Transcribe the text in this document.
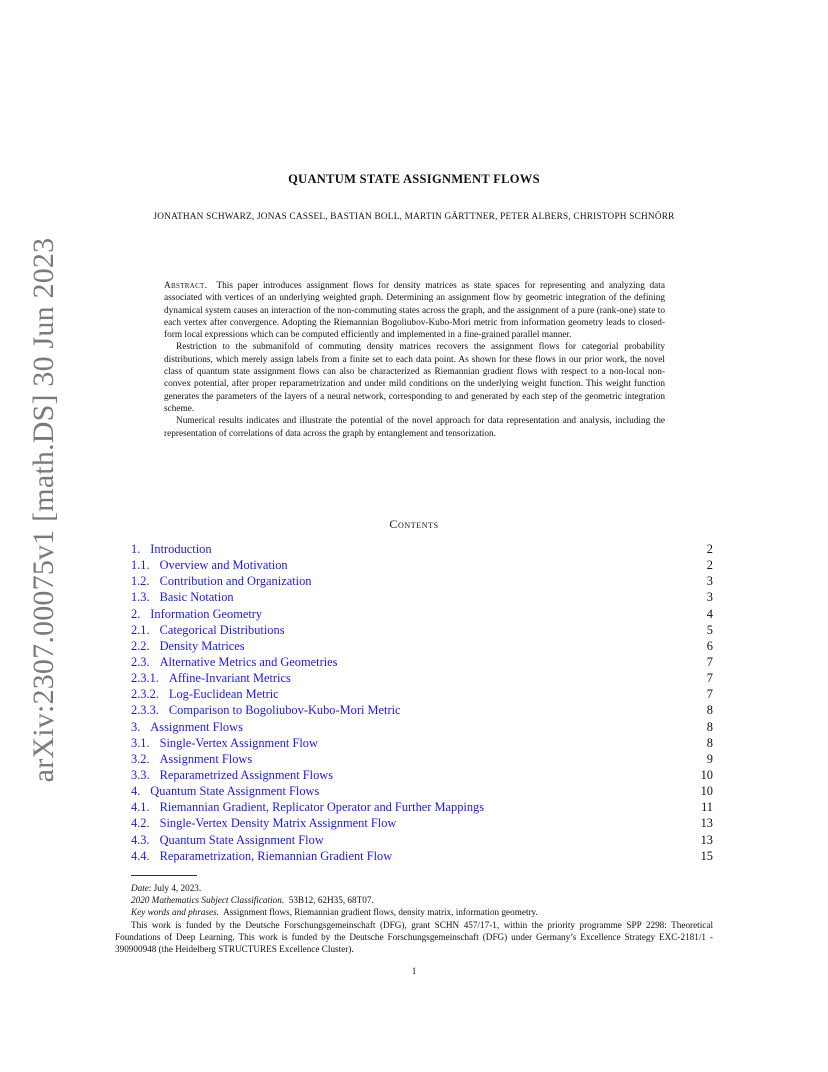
arXiv:2307.00075v1 [math.DS] 30 Jun 2023
QUANTUM STATE ASSIGNMENT FLOWS
JONATHAN SCHWARZ, JONAS CASSEL, BASTIAN BOLL, MARTIN GÄRTTNER, PETER ALBERS, CHRISTOPH SCHNÖRR

Abstract. This paper introduces assignment flows for density matrices as state spaces for representing and analyzing data associated with vertices of an underlying weighted graph. Determining an assignment flow by geometric integration of the defining dynamical system causes an interaction of the non-commuting states across the graph, and the assignment of a pure (rank-one) state to each vertex after convergence. Adopting the Riemannian Bogoliubov-Kubo-Mori metric from information geometry leads to closed-form local expressions which can be computed efficiently and implemented in a fine-grained parallel manner.

Restriction to the submanifold of commuting density matrices recovers the assignment flows for categorial probability distributions, which merely assign labels from a finite set to each data point. As shown for these flows in our prior work, the novel class of quantum state assignment flows can also be characterized as Riemannian gradient flows with respect to a non-local non-convex potential, after proper reparametrization and under mild conditions on the underlying weight function. This weight function generates the parameters of the layers of a neural network, corresponding to and generated by each step of the geometric integration scheme.

Numerical results indicates and illustrate the potential of the novel approach for data representation and analysis, including the representation of correlations of data across the graph by entanglement and tensorization.

Contents
1. Introduction	2
1.1. Overview and Motivation	2
1.2. Contribution and Organization	3
1.3. Basic Notation	3
2. Information Geometry	4
2.1. Categorical Distributions	5
2.2. Density Matrices	6
2.3. Alternative Metrics and Geometries	7
2.3.1. Affine-Invariant Metrics	7
2.3.2. Log-Euclidean Metric	7
2.3.3. Comparison to Bogoliubov-Kubo-Mori Metric	8
3. Assignment Flows	8
3.1. Single-Vertex Assignment Flow	8
3.2. Assignment Flows	9
3.3. Reparametrized Assignment Flows	10
4. Quantum State Assignment Flows	10
4.1. Riemannian Gradient, Replicator Operator and Further Mappings	11
4.2. Single-Vertex Density Matrix Assignment Flow	13
4.3. Quantum State Assignment Flow	13
4.4. Reparametrization, Riemannian Gradient Flow	15

Date: July 4, 2023.

2020 Mathematics Subject Classification. 53B12, 62H35, 68T07.

Key words and phrases. Assignment flows, Riemannian gradient flows, density matrix, information geometry.

This work is funded by the Deutsche Forschungsgemeinschaft (DFG), grant SCHN 457/17-1, within the priority programme SPP 2298: Theoretical Foundations of Deep Learning. This work is funded by the Deutsche Forschungsgemeinschaft (DFG) under Germany’s Excellence Strategy EXC-2181/1 - 390900948 (the Heidelberg STRUCTURES Excellence Cluster).

1
